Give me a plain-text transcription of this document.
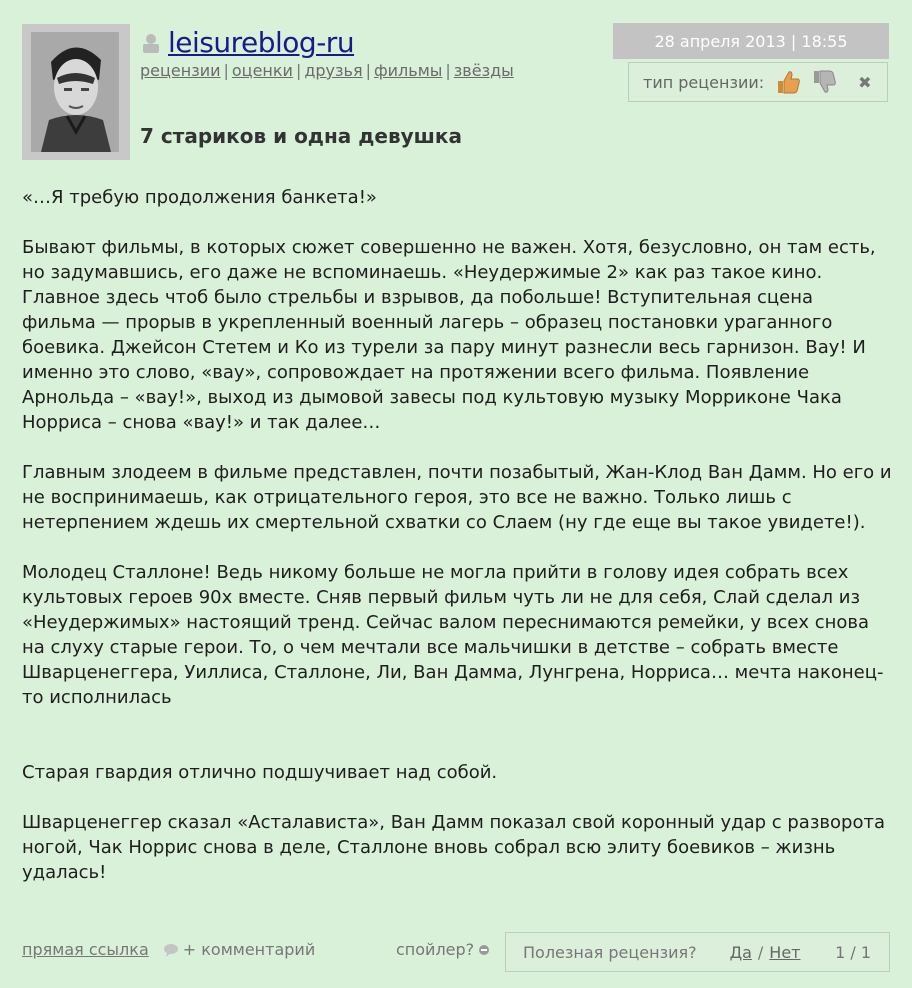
leisureblog-ru
рецензии | оценки | друзья | фильмы | звёзды
7 стариков и одна девушка
28 апреля 2013 | 18:55
тип рецензии:	✖

«…Я требую продолжения банкета!»

Бывают фильмы, в которых сюжет совершенно не важен. Хотя, безусловно, он там есть, но задумавшись, его даже не вспоминаешь. «Неудержимые 2» как раз такое кино. Главное здесь чтоб было стрельбы и взрывов, да побольше! Вступительная сцена фильма — прорыв в укрепленный военный лагерь – образец постановки ураганного боевика. Джейсон Стетем и Ко из турели за пару минут разнесли весь гарнизон. Вау! И именно это слово, «вау», сопровождает на протяжении всего фильма. Появление Арнольда – «вау!», выход из дымовой завесы под культовую музыку Морриконе Чака Норриса – снова «вау!» и так далее…

Главным злодеем в фильме представлен, почти позабытый, Жан-Клод Ван Дамм. Но его и не воспринимаешь, как отрицательного героя, это все не важно. Только лишь с нетерпением ждешь их смертельной схватки со Слаем (ну где еще вы такое увидете!).

Молодец Сталлоне! Ведь никому больше не могла прийти в голову идея собрать всех культовых героев 90х вместе. Сняв первый фильм чуть ли не для себя, Слай сделал из «Неудержимых» настоящий тренд. Сейчас валом переснимаются ремейки, у всех снова на слуху старые герои. То, о чем мечтали все мальчишки в детстве – собрать вместе Шварценеггера, Уиллиса, Сталлоне, Ли, Ван Дамма, Лунгрена, Норриса… мечта наконец-то исполнилась

Старая гвардия отлично подшучивает над собой.

Шварценеггер сказал «Асталависта», Ван Дамм показал свой коронный удар с разворота ногой, Чак Норрис снова в деле, Сталлоне вновь собрал всю элиту боевиков – жизнь удалась!

прямая ссылка + комментарий	спойлер?	Полезная рецензия? Да / Нет 1 / 1
